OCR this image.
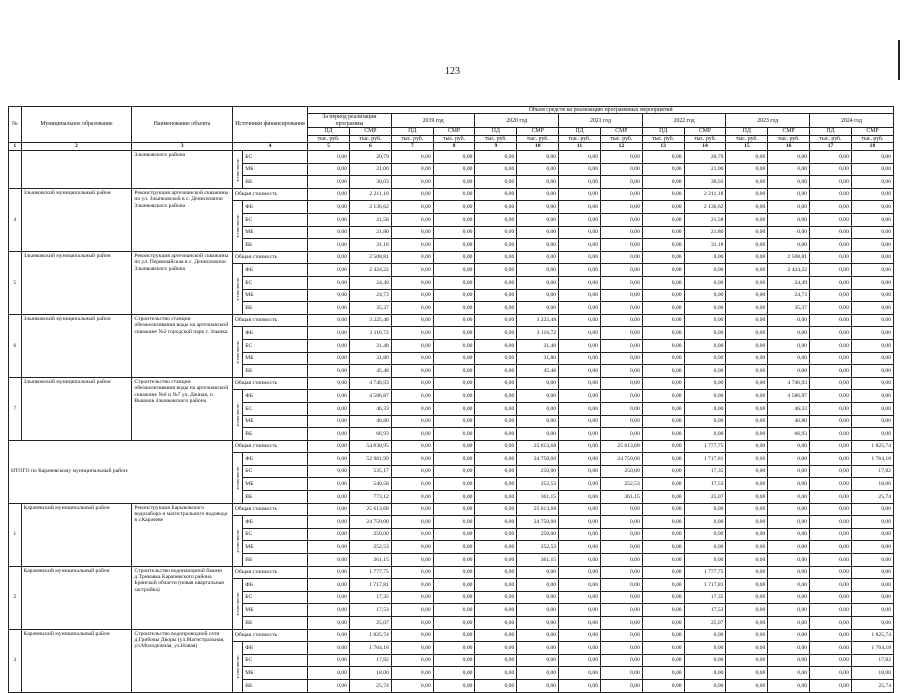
123
№	Муниципальное образование	Наименование объекта	Источники финансирования		Объем средств на реализацию программных мероприятий													
					За период реализации программы		2019 год		2020 год		2021 год		2022 год		2023 год		2024 год	
					ПД	СМР	ПД	СМР	ПД	СМР	ПД	СМР	ПД	СМР	ПД	СМР	ПД	СМР
					тыс. руб.	тыс. руб.	тыс. руб.	тыс. руб.	тыс. руб.	тыс. руб.	тыс. руб.	тыс. руб.	тыс. руб.	тыс. руб.	тыс. руб.	тыс. руб.	тыс. руб.	тыс. руб.
1	2	3	4		5	6	7	8	9	10	11	12	13	14	15	16	17	18
		Злынковского района	в том числе:	БС	0,00	20,79	0,00	0,00	0,00	0,00	0,00	0,00	0,00	20,79	0,00	0,00	0,00	0,00
				МБ	0,00	21,00	0,00	0,00	0,00	0,00	0,00	0,00	0,00	21,00	0,00	0,00	0,00	0,00
				ВБ	0,00	30,03	0,00	0,00	0,00	0,00	0,00	0,00	0,00	30,03	0,00	0,00	0,00	0,00
4	Злынковский муниципальный район	Реконструкция артезианской скважины по ул. Злынковской в с. Денисковичи Злынковского района	Общая стоимость		0,00	2 211,18	0,00	0,00	0,00	0,00	0,00	0,00	0,00	2 211,18	0,00	0,00	0,00	0,00

			в том числе:	ФБ	0,00	2 136,62	0,00	0,00	0,00	0,00	0,00	0,00	0,00	2 136,62	0,00	0,00	0,00	0,00
				БС	0,00	21,58	0,00	0,00	0,00	0,00	0,00	0,00	0,00	21,58	0,00	0,00	0,00	0,00
				МБ	0,00	21,80	0,00	0,00	0,00	0,00	0,00	0,00	0,00	21,80	0,00	0,00	0,00	0,00
				ВБ	0,00	31,18	0,00	0,00	0,00	0,00	0,00	0,00	0,00	31,18	0,00	0,00	0,00	0,00
5	Злынковский муниципальный район	Реконструкция артезианской скважины по ул. Первомайская в с. Денисковичи Злынковского района	Общая стоимость		0,00	2 508,81	0,00	0,00	0,00	0,00	0,00	0,00	0,00	0,00	0,00	2 508,81	0,00	0,00

			в том числе:	ФБ	0,00	2 424,22	0,00	0,00	0,00	0,00	0,00	0,00	0,00	0,00	0,00	2 424,22	0,00	0,00
				БС	0,00	24,49	0,00	0,00	0,00	0,00	0,00	0,00	0,00	0,00	0,00	24,49	0,00	0,00
				МБ	0,00	24,73	0,00	0,00	0,00	0,00	0,00	0,00	0,00	0,00	0,00	24,73	0,00	0,00
				ВБ	0,00	35,37	0,00	0,00	0,00	0,00	0,00	0,00	0,00	0,00	0,00	35,37	0,00	0,00
6	Злынковский муниципальный район	Строительство станции обезжелезивания воды на артезианской скважине №2 городской парк г. Злынка	Общая стоимость		0,00	3 225,48	0,00	0,00	0,00	3 225,48	0,00	0,00	0,00	0,00	0,00	0,00	0,00	0,00

			в том числе:	ФБ	0,00	3 116,72	0,00	0,00	0,00	3 116,72	0,00	0,00	0,00	0,00	0,00	0,00	0,00	0,00
				БС	0,00	31,48	0,00	0,00	0,00	31,48	0,00	0,00	0,00	0,00	0,00	0,00	0,00	0,00
				МБ	0,00	31,80	0,00	0,00	0,00	31,80	0,00	0,00	0,00	0,00	0,00	0,00	0,00	0,00
				ВБ	0,00	45,48	0,00	0,00	0,00	45,48	0,00	0,00	0,00	0,00	0,00	0,00	0,00	0,00
7	Злынковский муниципальный район	Строительство станции обезжелезивания воды на артезианской скважине №6 и №7 ул. Дачная, п. Вышков Злынковского района	Общая стоимость		0,00	4 746,93	0,00	0,00	0,00	0,00	0,00	0,00	0,00	0,00	0,00	4 746,93	0,00	0,00

			в том числе:	ФБ	0,00	4 586,87	0,00	0,00	0,00	0,00	0,00	0,00	0,00	0,00	0,00	4 586,87	0,00	0,00
				БС	0,00	46,33	0,00	0,00	0,00	0,00	0,00	0,00	0,00	0,00	0,00	46,33	0,00	0,00
				МБ	0,00	46,80	0,00	0,00	0,00	0,00	0,00	0,00	0,00	0,00	0,00	46,80	0,00	0,00
				ВБ	0,00	66,93	0,00	0,00	0,00	0,00	0,00	0,00	0,00	0,00	0,00	66,93	0,00	0,00
ИТОГО по Карачевскому муниципальный район:			Общая стоимость		0,00	54 830,95	0,00	0,00	0,00	25 613,68	0,00	25 613,68	0,00	1 777,75	0,00	0,00	0,00	1 825,74

			в том числе:	ФБ	0,00	52 981,99	0,00	0,00	0,00	24 750,00	0,00	24 750,00	0,00	1 717,81	0,00	0,00	0,00	1 764,18
				БС	0,00	535,17	0,00	0,00	0,00	250,00	0,00	250,00	0,00	17,35	0,00	0,00	0,00	17,82
				МБ	0,00	540,58	0,00	0,00	0,00	252,53	0,00	252,53	0,00	17,53	0,00	0,00	0,00	18,00
				ВБ	0,00	773,12	0,00	0,00	0,00	361,15	0,00	361,15	0,00	25,07	0,00	0,00	0,00	25,74
1	Карачевский муниципальный район	Реконструкция Барыковского водозабора и магистрального водовода в г.Карачеве	Общая стоимость		0,00	25 613,68	0,00	0,00	0,00	25 613,68	0,00	0,00	0,00	0,00	0,00	0,00	0,00	0,00

			в том числе:	ФБ	0,00	24 750,00	0,00	0,00	0,00	24 750,00	0,00	0,00	0,00	0,00	0,00	0,00	0,00	0,00
				БС	0,00	250,00	0,00	0,00	0,00	250,00	0,00	0,00	0,00	0,00	0,00	0,00	0,00	0,00
				МБ	0,00	252,53	0,00	0,00	0,00	252,53	0,00	0,00	0,00	0,00	0,00	0,00	0,00	0,00
				ВБ	0,00	361,15	0,00	0,00	0,00	361,15	0,00	0,00	0,00	0,00	0,00	0,00	0,00	0,00
2	Карачевский муниципальный район	Строительство водонапорной башни д.Трикавка Карачевского района Брянской области (новая квартальная застройка)	Общая стоимость		0,00	1 777,75	0,00	0,00	0,00	0,00	0,00	0,00	0,00	1 777,75	0,00	0,00	0,00	0,00

			в том числе:	ФБ	0,00	1 717,81	0,00	0,00	0,00	0,00	0,00	0,00	0,00	1 717,81	0,00	0,00	0,00	0,00
				БС	0,00	17,35	0,00	0,00	0,00	0,00	0,00	0,00	0,00	17,35	0,00	0,00	0,00	0,00
				МБ	0,00	17,53	0,00	0,00	0,00	0,00	0,00	0,00	0,00	17,53	0,00	0,00	0,00	0,00
				ВБ	0,00	25,07	0,00	0,00	0,00	0,00	0,00	0,00	0,00	25,07	0,00	0,00	0,00	0,00
3	Карачевский муниципальный район	Строительство водопроводной сети д.Грибовы Дворы (ул.Магистральная, ул.Молодежная, ул.Новая)	Общая стоимость		0,00	1 825,74	0,00	0,00	0,00	0,00	0,00	0,00	0,00	0,00	0,00	0,00	0,00	1 825,74

			в том числе:	ФБ	0,00	1 764,18	0,00	0,00	0,00	0,00	0,00	0,00	0,00	0,00	0,00	0,00	0,00	1 764,18
				БС	0,00	17,82	0,00	0,00	0,00	0,00	0,00	0,00	0,00	0,00	0,00	0,00	0,00	17,82
				МБ	0,00	18,00	0,00	0,00	0,00	0,00	0,00	0,00	0,00	0,00	0,00	0,00	0,00	18,00
				ВБ	0,00	25,74	0,00	0,00	0,00	0,00	0,00	0,00	0,00	0,00	0,00	0,00	0,00	25,74
